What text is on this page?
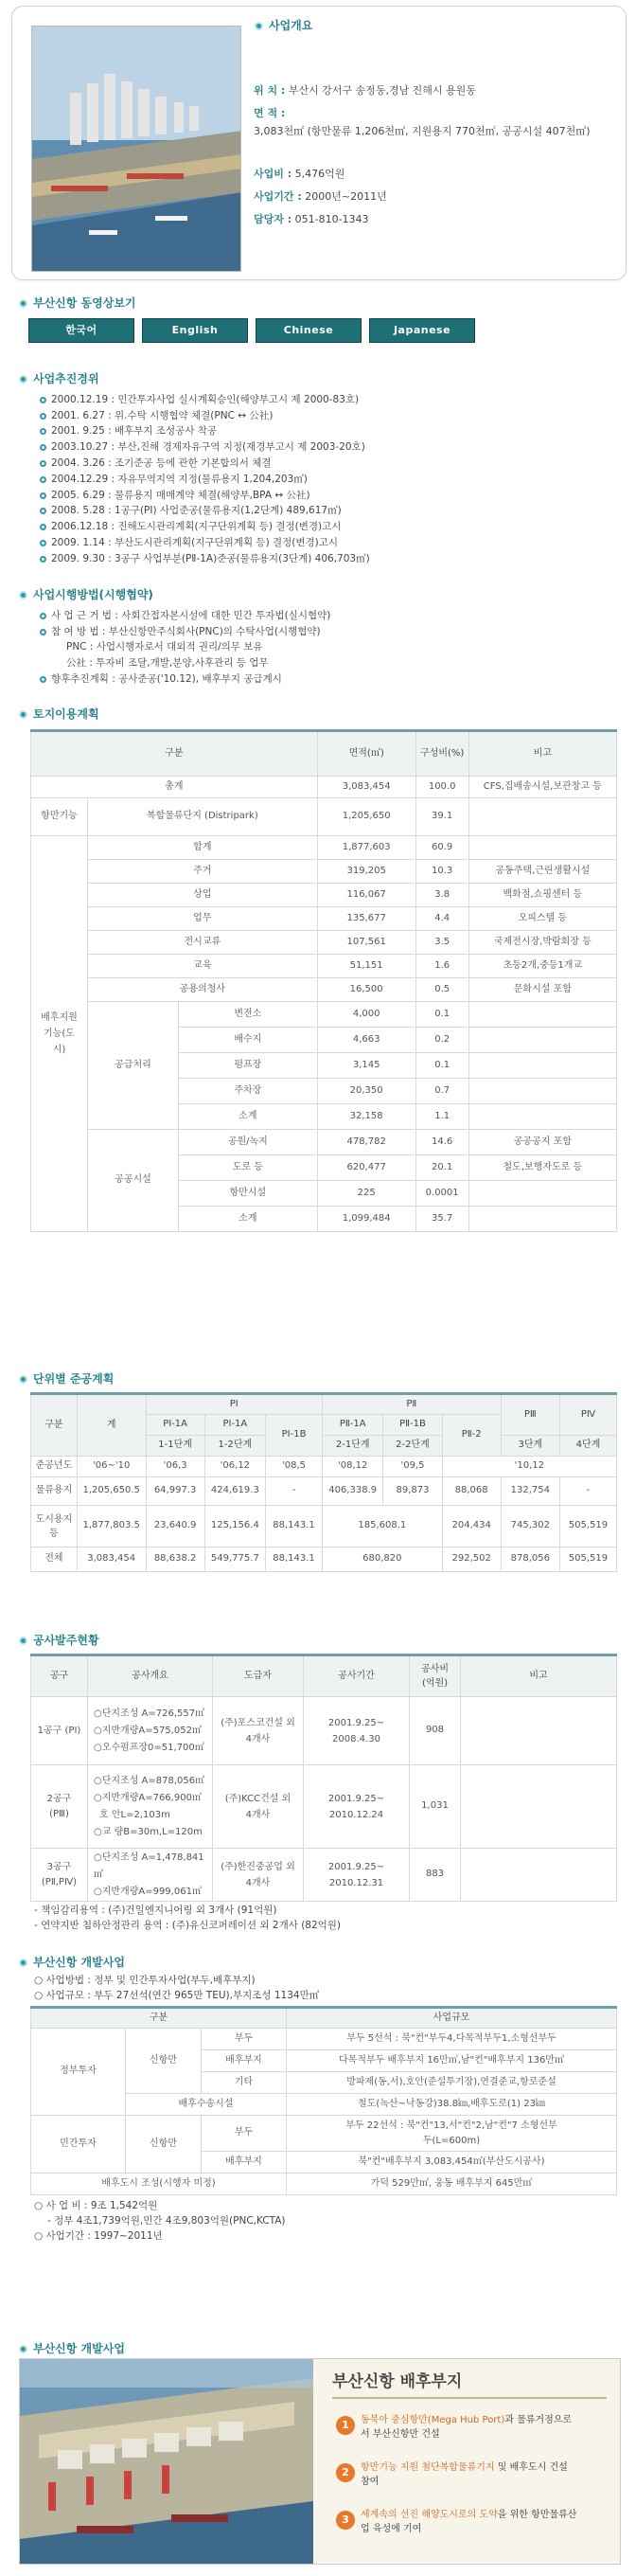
사업개요
위 치 : 부산시 강서구 송정동,경남 진해시 용원동
면 적 :
3,083천㎡ (항만물류 1,206천㎡, 지원용지 770천㎡, 공공시설 407천㎡)
사업비 : 5,476억원
사업기간 : 2000년~2011년
담당자 : 051-810-1343
부산신항 동영상보기
한국어	English	Chinese	Japanese
사업추진경위
2000.12.19 : 민간투자사업 실시계획승인(해양부고시 제 2000-83호)
2001. 6.27 : 위.수탁 시행협약 체결(PNC ↔ 公社)
2001. 9.25 : 배후부지 조성공사 착공
2003.10.27 : 부산,진해 경제자유구역 지정(재경부고시 제 2003-20호)
2004. 3.26 : 조기준공 등에 관한 기본합의서 체결
2004.12.29 : 자유무역지역 지정(물류용지 1,204,203㎡)
2005. 6.29 : 물류용지 매매계약 체결(해양부,BPA ↔ 公社)
2008. 5.28 : 1공구(PI) 사업준공(물류용지(1,2단계) 489,617㎡)
2006.12.18 : 진해도시관리계획(지구단위계획 등) 결정(변경)고시
2009. 1.14 : 부산도시관리계획(지구단위계획 등) 결정(변경)고시
2009. 9.30 : 3공구 사업부분(PⅡ-1A)준공(물류용지(3단계) 406,703㎡)
사업시행방법(시행협약)
사 업 근 거 법 : 사회간접자본시설에 대한 민간 투자법(실시협약)
참 여 방 법 : 부산신항만주식회사(PNC)의 수탁사업(시행협약)
PNC : 사업시행자로서 대외적 권리/의무 보유
公社 : 투자비 조달,개발,분양,사후관리 등 업무
향후추진계획 : 공사준공('10.12), 배후부지 공급계시
토지이용계획
구분			면적(㎡)	구성비(%)	비고
총계			3,083,454	100.0	CFS,집배송시설,보관창고 등
항만기능	복합물류단지 (Distripark)		1,205,650	39.1	
배후지원기능(도시)	합계		1,877,603	60.9	
	주거		319,205	10.3	공동주택,근린생활시설
	상업		116,067	3.8	백화점,쇼핑센터 등
	업무		135,677	4.4	오피스텔 등
	전시교류		107,561	3.5	국제전시장,박람회장 등
	교육		51,151	1.6	초등2개,중등1개교
	공용의청사		16,500	0.5	문화시설 포함
	공급처리	변전소	4,000	0.1	
		배수지	4,663	0.2	
		펌프장	3,145	0.1	
		주차장	20,350	0.7	
		소계	32,158	1.1	
	공공시설	공원/녹지	478,782	14.6	공공공지 포함
		도로 등	620,477	20.1	철도,보행자도로 등
		항만시설	225	0.0001	
		소계	1,099,484	35.7	
단위별 준공계획
구분	계	PⅠ			PⅡ			PⅢ	PⅣ
		PⅠ-1A	PⅠ-1A	PⅠ-1B	PⅡ-1A	PⅡ-1B	PⅡ-2		
		1-1단계	1-2단계		2-1단계	2-2단계		3단계	4단계
준공년도	'06~'10	'06,3	'06,12	'08,5	'08,12	'09,5	'10,12		
물류용지	1,205,650.5	64,997.3	424,619.3	-	406,338.9	89,873	88,068	132,754	-
도시용지등	1,877,803.5	23,640.9	125,156.4	88,143.1	185,608.1		204,434	745,302	505,519
전체	3,083,454	88,638.2	549,775.7	88,143.1	680,820		292,502	878,056	505,519
공사발주현황
공구	공사개요	도급자	공사기간	공사비(억원)	비고
1공구 (PⅠ)	○단지조성 A=726,557㎡
○지반개량A=575,052㎡
○오수펌프장0=51,700㎡	(주)포스코건설 외 4개사	2001.9.25~ 2008.4.30	908	
2공구 (PⅢ)	○단지조성 A=878,056㎡
○지반개량A=766,900㎡
호 안L=2,103m
○교 량B=30m,L=120m	(주)KCC건설 외 4개사	2001.9.25~ 2010.12.24	1,031	
3공구 (PⅡ,PⅣ)	○단지조성 A=1,478,841㎡
○지반개량A=999,061㎡	(주)한진중공업 외 4개사	2001.9.25~ 2010.12.31	883	
- 책임감리용역 : (주)건일엔지니어링 외 3개사 (91억원)
- 연약지반 침하안정관리 용역 : (주)유신코퍼레이션 외 2개사 (82억원)
부산신항 개발사업
○ 사업방법 : 정부 및 민간투자사업(부두,배후부지)
○ 사업규모 : 부두 27선석(연간 965만 TEU),부지조성 1134만㎡
구분			사업규모
정부투자	신항만	부두	부두 5선석 : 북"컨"부두4,다목적부두1,소형선부두
		배후부지	다목적부두 배후부지 16만㎡,남"컨"배후부지 136만㎡
		기타	방파제(동,서),호안(준설투기장),연결준교,항로준설
	배후수송시설		철도(녹산~낙동강)38.8㎞,배후도로(1) 23㎞
민간투자	신항만	부두	부두 22선석 : 북"컨"13,서"컨"2,남"컨"7 소형선부두(L=600m)
		배후부지	북"컨"배후부지 3,083,454㎡(부산도시공사)
배후도시 조성(시행자 미정)			가덕 529만㎡, 웅동 배후부지 645만㎡
○ 사 업 비 : 9조 1,542억원
- 정부 4조1,739억원,민간 4조9,803억원(PNC,KCTA)
○ 사업기간 : 1997~2011년
부산신항 개발사업
부산신항 배후부지
1	동북아 중심항만(Mega Hub Port)과 물류거점으로서 부산신항만 건설
2	항만기능 지원 첨단복합물류기지 및 배후도시 건설 참여
3	세계속의 선진 해양도시로의 도약을 위한 항만물류산업 육성에 기여
